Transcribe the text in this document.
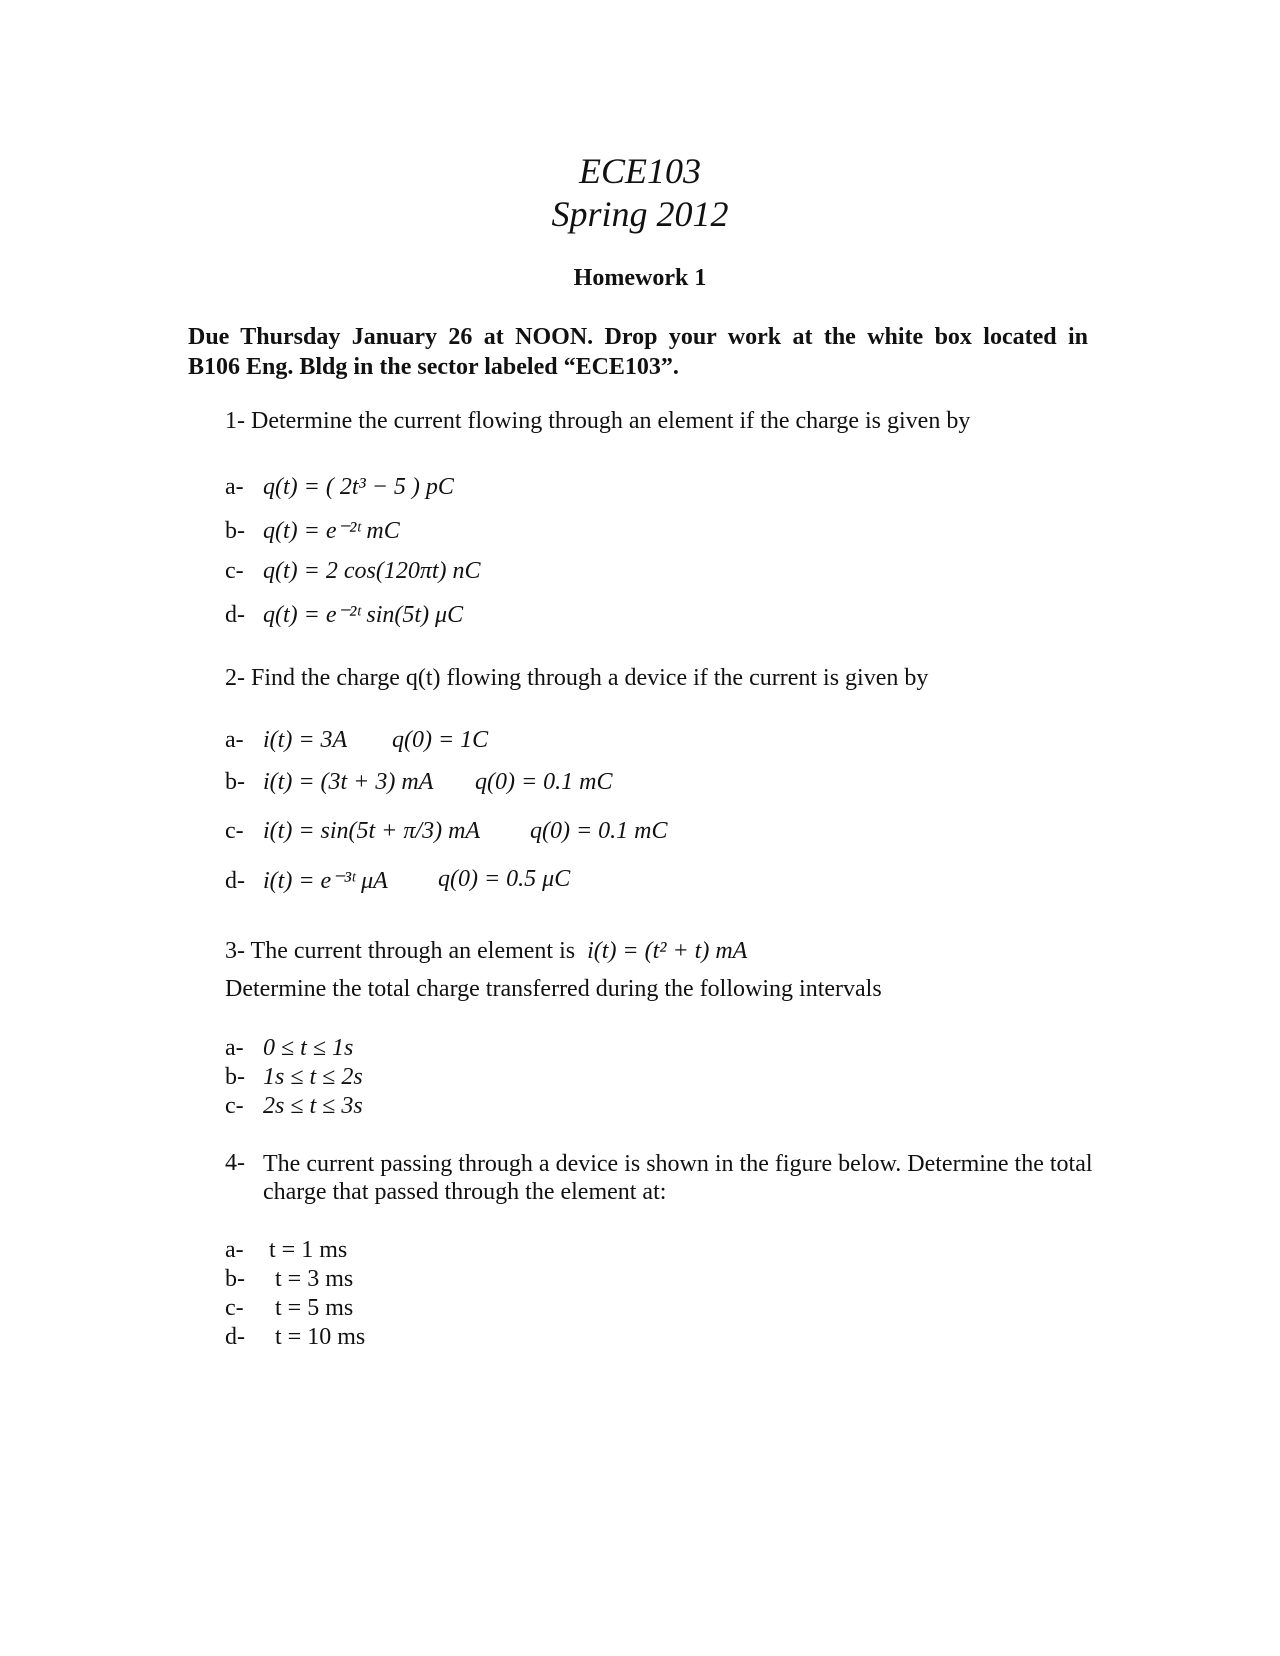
ECE103
Spring 2012
Homework 1
Due Thursday January 26 at NOON. Drop your work at the white box located in
B106 Eng. Bldg in the sector labeled “ECE103”.
1- Determine the current flowing through an element if the charge is given by
a- q(t) = ( 2t³ − 5 ) pC
b- q(t) = e⁻²ᵗ mC
c- q(t) = 2 cos(120πt) nC
d- q(t) = e⁻²ᵗ sin(5t) μC
2- Find the charge q(t) flowing through a device if the current is given by
a- i(t) = 3A q(0) = 1C
b- i(t) = (3t + 3) mA q(0) = 0.1 mC
c- i(t) = sin(5t + π/3) mA q(0) = 0.1 mC
d- i(t) = e⁻³ᵗ μA q(0) = 0.5 μC
3- The current through an element is i(t) = (t² + t) mA
Determine the total charge transferred during the following intervals
a- 0 ≤ t ≤ 1s
b- 1s ≤ t ≤ 2s
c- 2s ≤ t ≤ 3s
4- The current passing through a device is shown in the figure below. Determine the total charge that passed through the element at:
a- t = 1 ms
b- t = 3 ms
c- t = 5 ms
d- t = 10 ms
